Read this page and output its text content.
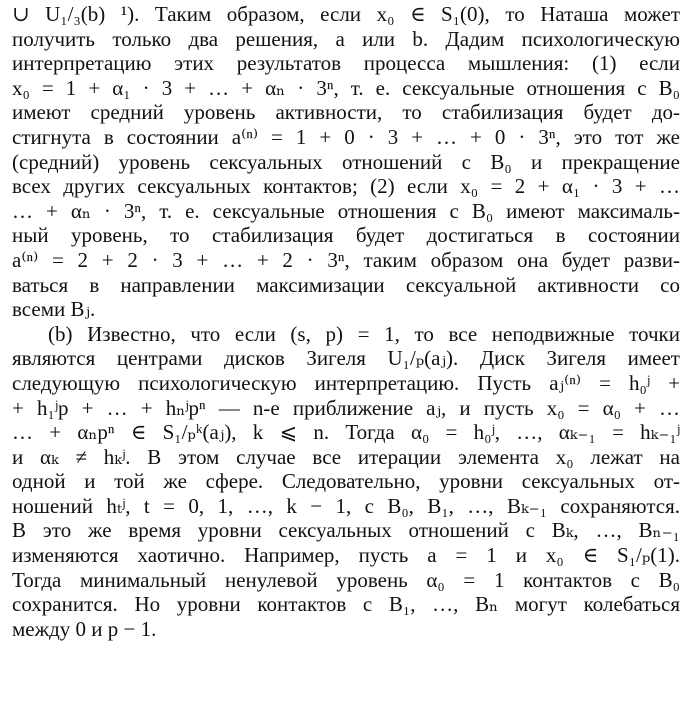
∪ U₁/₃(b) ¹). Таким образом, если x₀ ∈ S₁(0), то Наташа может
получить только два решения, a или b. Дадим психологическую
интерпретацию этих результатов процесса мышления: (1) если
x₀ = 1 + α₁ · 3 + … + αₙ · 3ⁿ, т. е. сексуальные отношения с B₀
имеют средний уровень активности, то стабилизация будет до-
стигнута в состоянии a⁽ⁿ⁾ = 1 + 0 · 3 + … + 0 · 3ⁿ, это тот же
(средний) уровень сексуальных отношений с B₀ и прекращение
всех других сексуальных контактов; (2) если x₀ = 2 + α₁ · 3 + …
… + αₙ · 3ⁿ, т. е. сексуальные отношения с B₀ имеют максималь-
ный уровень, то стабилизация будет достигаться в состоянии
a⁽ⁿ⁾ = 2 + 2 · 3 + … + 2 · 3ⁿ, таким образом она будет разви-
ваться в направлении максимизации сексуальной активности со
всеми Bⱼ.
(b) Известно, что если (s, p) = 1, то все неподвижные точки
являются центрами дисков Зигеля U₁/ₚ(aⱼ). Диск Зигеля имеет
следующую психологическую интерпретацию. Пусть aⱼ⁽ⁿ⁾ = h₀ʲ +
+ h₁ʲp + … + hₙʲpⁿ — n-е приближение aⱼ, и пусть x₀ = α₀ + …
… + αₙpⁿ ∈ S₁/ₚᵏ(aⱼ), k ⩽ n. Тогда α₀ = h₀ʲ, …, αₖ₋₁ = hₖ₋₁ʲ
и αₖ ≠ hₖʲ. В этом случае все итерации элемента x₀ лежат на
одной и той же сфере. Следовательно, уровни сексуальных от-
ношений hₜʲ, t = 0, 1, …, k − 1, с B₀, B₁, …, Bₖ₋₁ сохраняются.
В это же время уровни сексуальных отношений с Bₖ, …, Bₙ₋₁
изменяются хаотично. Например, пусть a = 1 и x₀ ∈ S₁/ₚ(1).
Тогда минимальный ненулевой уровень α₀ = 1 контактов с B₀
сохранится. Но уровни контактов с B₁, …, Bₙ могут колебаться
между 0 и p − 1.
